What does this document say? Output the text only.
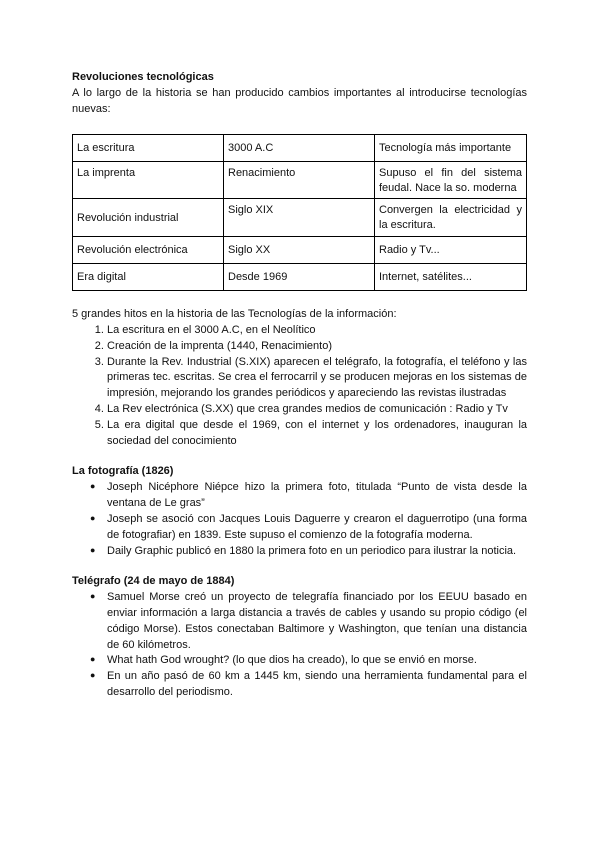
Revoluciones tecnológicas

A lo largo de la historia se han producido cambios importantes al introducirse tecnologías nuevas:

La escritura	3000 A.C	Tecnología más importante
La imprenta	Renacimiento	Supuso el fin del sistema feudal. Nace la so. moderna
Revolución industrial	Siglo XIX	Convergen la electricidad y la escritura.
Revolución electrónica	Siglo XX	Radio y Tv...
Era digital	Desde 1969	Internet, satélites...

5 grandes hitos en la historia de las Tecnologías de la información:

1. La escritura en el 3000 A.C, en el Neolítico
2. Creación de la imprenta (1440, Renacimiento)
3. Durante la Rev. Industrial (S.XIX) aparecen el telégrafo, la fotografía, el teléfono y las primeras tec. escritas. Se crea el ferrocarril y se producen mejoras en los sistemas de impresión, mejorando los grandes periódicos y apareciendo las revistas ilustradas
4. La Rev electrónica (S.XX) que crea grandes medios de comunicación : Radio y Tv
5. La era digital que desde el 1969, con el internet y los ordenadores, inauguran la sociedad del conocimiento
La fotografía (1826)
● Joseph Nicéphore Niépce hizo la primera foto, titulada “Punto de vista desde la ventana de Le gras”
● Joseph se asoció con Jacques Louis Daguerre y crearon el daguerrotipo (una forma de fotografiar) en 1839. Este supuso el comienzo de la fotografía moderna.
● Daily Graphic publicó en 1880 la primera foto en un periodico para ilustrar la noticia.
Telégrafo (24 de mayo de 1884)
● Samuel Morse creó un proyecto de telegrafía financiado por los EEUU basado en enviar información a larga distancia a través de cables y usando su propio código (el código Morse). Estos conectaban Baltimore y Washington, que tenían una distancia de 60 kilómetros.
● What hath God wrought? (lo que dios ha creado), lo que se envió en morse.
● En un año pasó de 60 km a 1445 km, siendo una herramienta fundamental para el desarrollo del periodismo.
